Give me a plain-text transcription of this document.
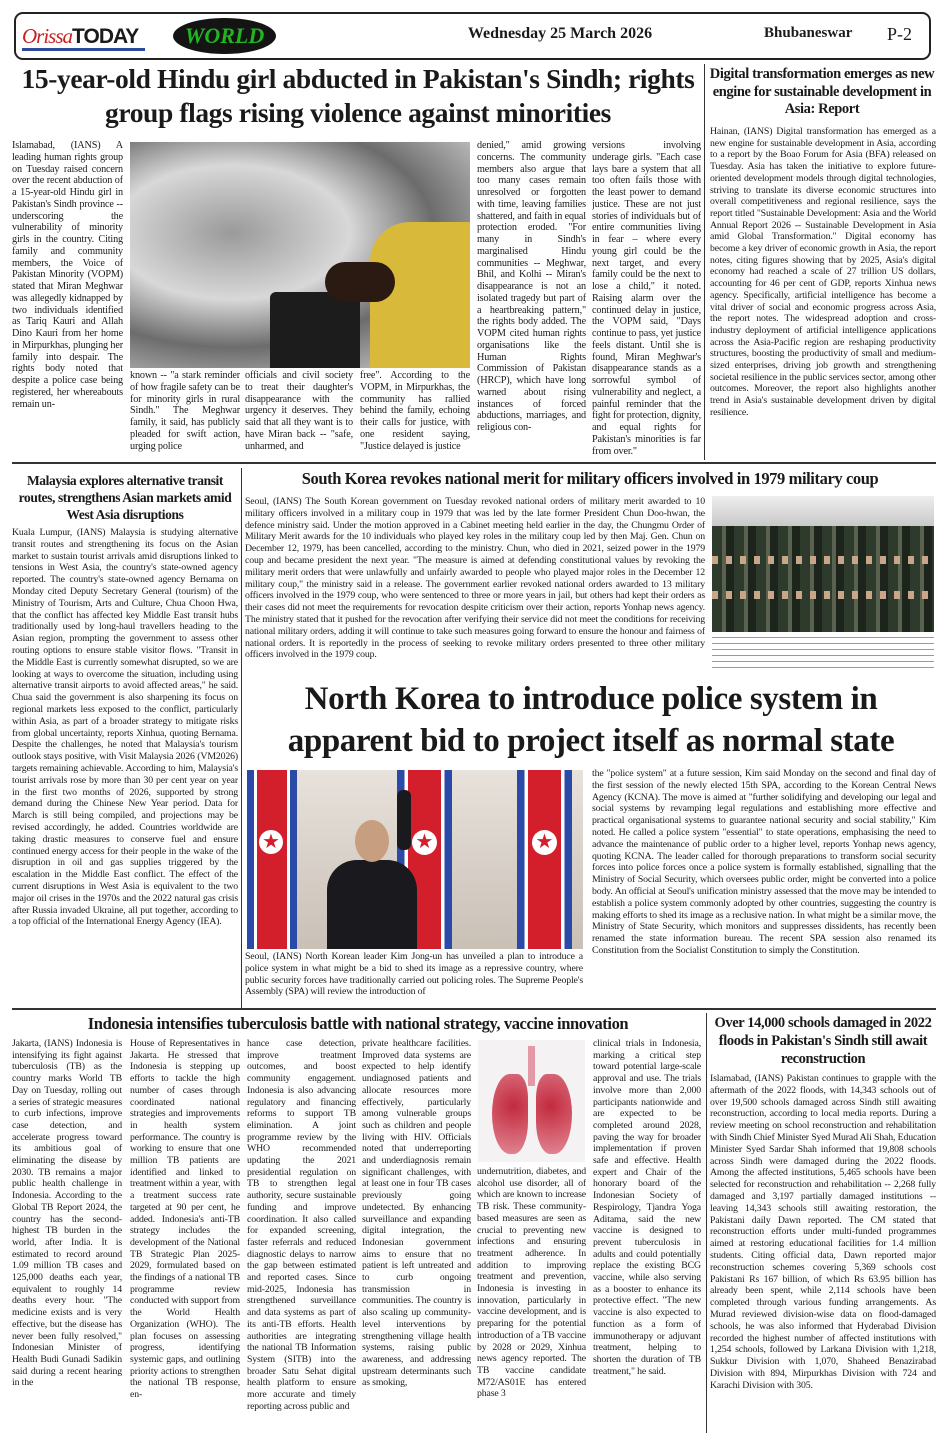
OrissaTODAY	WORLD	Wednesday 25 March 2026	Bhubaneswar P-2
15-year-old Hindu girl abducted in Pakistan's Sindh; rights group flags rising violence against minorities
Islamabad, (IANS) A leading human rights group on Tuesday raised concern over the recent abduction of a 15-year-old Hindu girl in Pakistan's Sindh province -- underscoring the vulnerability of minority girls in the country. Citing family and community members, the Voice of Pakistan Minority (VOPM) stated that Miran Meghwar was allegedly kidnapped by two individuals identified as Tariq Kauri and Allah Dino Kauri from her home in Mirpurkhas, plunging her family into despair. The rights body noted that despite a police case being registered, her whereabouts remain un-
known -- "a stark reminder of how fragile safety can be for minority girls in rural Sindh." The Meghwar family, it said, has publicly pleaded for swift action, urging police
officials and civil society to treat their daughter's disappearance with the urgency it deserves. They said that all they want is to have Miran back -- "safe, unharmed, and
free". According to the VOPM, in Mirpurkhas, the community has rallied behind the family, echoing their calls for justice, with one resident saying, "Justice delayed is justice
denied," amid growing concerns. The community members also argue that too many cases remain unresolved or forgotten with time, leaving families shattered, and faith in equal protection eroded. "For many in Sindh's marginalised Hindu communities -- Meghwar, Bhil, and Kolhi -- Miran's disappearance is not an isolated tragedy but part of a heartbreaking pattern," the rights body added. The VOPM cited human rights organisations like the Human Rights Commission of Pakistan (HRCP), which have long warned about rising instances of forced abductions, marriages, and religious con-
versions involving underage girls. "Each case lays bare a system that all too often fails those with the least power to demand justice. These are not just stories of individuals but of entire communities living in fear – where every young girl could be the next target, and every family could be the next to lose a child," it noted. Raising alarm over the continued delay in justice, the VOPM said, "Days continue to pass, yet justice feels distant. Until she is found, Miran Meghwar's disappearance stands as a sorrowful symbol of vulnerability and neglect, a painful reminder that the fight for protection, dignity, and equal rights for Pakistan's minorities is far from over."
Digital transformation emerges as new engine for sustainable development in Asia: Report
Hainan, (IANS) Digital transformation has emerged as a new engine for sustainable development in Asia, according to a report by the Boao Forum for Asia (BFA) released on Tuesday. Asia has taken the initiative to explore future-oriented development models through digital technologies, striving to translate its diverse economic structures into overall competitiveness and regional resilience, says the report titled "Sustainable Development: Asia and the World Annual Report 2026 -- Sustainable Development in Asia amid Global Transformation." Digital economy has become a key driver of economic growth in Asia, the report notes, citing figures showing that by 2025, Asia's digital economy had reached a scale of 27 trillion US dollars, accounting for 46 per cent of GDP, reports Xinhua news agency. Specifically, artificial intelligence has become a vital driver of social and economic progress across Asia, the report notes. The widespread adoption and cross-industry deployment of artificial intelligence applications across the Asia-Pacific region are reshaping productivity structures, boosting the productivity of small and medium-sized enterprises, driving job growth and strengthening societal resilience in the public services sector, among other outcomes. Moreover, the report also highlights another trend in Asia's sustainable development driven by digital resilience.
Malaysia explores alternative transit routes, strengthens Asian markets amid West Asia disruptions
Kuala Lumpur, (IANS) Malaysia is studying alternative transit routes and strengthening its focus on the Asian market to sustain tourist arrivals amid disruptions linked to tensions in West Asia, the country's state-owned agency reported. The country's state-owned agency Bernama on Monday cited Deputy Secretary General (tourism) of the Ministry of Tourism, Arts and Culture, Chua Choon Hwa, that the conflict has affected key Middle East transit hubs traditionally used by long-haul travellers heading to the Asian region, prompting the government to assess other routing options to ensure stable visitor flows. "Transit in the Middle East is currently somewhat disrupted, so we are looking at ways to overcome the situation, including using alternative transit airports to avoid affected areas," he said. Chua said the government is also sharpening its focus on regional markets less exposed to the conflict, particularly within Asia, as part of a broader strategy to mitigate risks from global uncertainty, reports Xinhua, quoting Bernama. Despite the challenges, he noted that Malaysia's tourism outlook stays positive, with Visit Malaysia 2026 (VM2026) targets remaining achievable. According to him, Malaysia's tourist arrivals rose by more than 30 per cent year on year in the first two months of 2026, supported by strong demand during the Chinese New Year period. Data for March is still being compiled, and projections may be revised accordingly, he added. Countries worldwide are taking drastic measures to conserve fuel and ensure continued energy access for their people in the wake of the disruption in oil and gas supplies triggered by the escalation in the Middle East conflict. The effect of the current disruptions in West Asia is equivalent to the two major oil crises in the 1970s and the 2022 natural gas crisis after Russia invaded Ukraine, all put together, according to a top official of the International Energy Agency (IEA).
South Korea revokes national merit for military officers involved in 1979 military coup
Seoul, (IANS) The South Korean government on Tuesday revoked national orders of military merit awarded to 10 military officers involved in a military coup in 1979 that was led by the late former President Chun Doo-hwan, the defence ministry said. Under the motion approved in a Cabinet meeting held earlier in the day, the Chungmu Order of Military Merit awards for the 10 individuals who played key roles in the military coup led by then Maj. Gen. Chun on December 12, 1979, has been cancelled, according to the ministry. Chun, who died in 2021, seized power in the 1979 coup and became president the next year. "The measure is aimed at defending constitutional values by revoking the military merit orders that were unlawfully and unfairly awarded to people who played major roles in the December 12 military coup," the ministry said in a release. The government earlier revoked national orders awarded to 13 military officers involved in the 1979 coup, who were sentenced to three or more years in jail, but others had kept their orders as their cases did not meet the requirements for revocation despite criticism over their action, reports Yonhap news agency. The ministry stated that it pushed for the revocation after verifying their service did not meet the conditions for receiving national military orders, adding it will continue to take such measures going forward to ensure the honour and fairness of national orders. It is reportedly in the process of seeking to revoke military orders presented to three other military officers involved in the 1979 coup.
North Korea to introduce police system in apparent bid to project itself as normal state
★	★	★
Seoul, (IANS) North Korean leader Kim Jong-un has unveiled a plan to introduce a police system in what might be a bid to shed its image as a repressive country, where public security forces have traditionally carried out policing roles. The Supreme People's Assembly (SPA) will review the introduction of
the "police system" at a future session, Kim said Monday on the second and final day of the first session of the newly elected 15th SPA, according to the Korean Central News Agency (KCNA). The move is aimed at "further solidifying and developing our legal and social systems by revamping legal regulations and establishing more effective and practical organisational systems to guarantee national security and social stability," Kim noted. He called a police system "essential" to state operations, emphasising the need to advance the maintenance of public order to a higher level, reports Yonhap news agency, quoting KCNA. The leader called for thorough preparations to transform social security forces into police forces once a police system is formally established, signalling that the Ministry of Social Security, which oversees public order, might be converted into a police body. An official at Seoul's unification ministry assessed that the move may be intended to establish a police system commonly adopted by other countries, suggesting the country is making efforts to shed its image as a reclusive nation. In what might be a similar move, the Ministry of State Security, which monitors and suppresses dissidents, has recently been renamed the state information bureau. The recent SPA session also renamed its Constitution from the Socialist Constitution to simply the Constitution.
Indonesia intensifies tuberculosis battle with national strategy, vaccine innovation
Jakarta, (IANS) Indonesia is intensifying its fight against tuberculosis (TB) as the country marks World TB Day on Tuesday, rolling out a series of strategic measures to curb infections, improve case detection, and accelerate progress toward its ambitious goal of eliminating the disease by 2030. TB remains a major public health challenge in Indonesia. According to the Global TB Report 2024, the country has the second-highest TB burden in the world, after India. It is estimated to record around 1.09 million TB cases and 125,000 deaths each year, equivalent to roughly 14 deaths every hour. "The medicine exists and is very effective, but the disease has never been fully resolved," Indonesian Minister of Health Budi Gunadi Sadikin said during a recent hearing in the
House of Representatives in Jakarta. He stressed that Indonesia is stepping up efforts to tackle the high number of cases through coordinated national strategies and improvements in health system performance. The country is working to ensure that one million TB patients are identified and linked to treatment within a year, with a treatment success rate targeted at 90 per cent, he added. Indonesia's anti-TB strategy includes the development of the National TB Strategic Plan 2025-2029, formulated based on the findings of a national TB programme review conducted with support from the World Health Organization (WHO). The plan focuses on assessing progress, identifying systemic gaps, and outlining priority actions to strengthen the national TB response, en-
hance case detection, improve treatment outcomes, and boost community engagement. Indonesia is also advancing regulatory and financing reforms to support TB elimination. A joint programme review by the WHO recommended updating the 2021 presidential regulation on TB to strengthen legal authority, secure sustainable funding and improve coordination. It also called for expanded screening, faster referrals and reduced diagnostic delays to narrow the gap between estimated and reported cases. Since mid-2025, Indonesia has strengthened surveillance and data systems as part of its anti-TB efforts. Health authorities are integrating the national TB Information System (SITB) into the broader Satu Sehat digital health platform to ensure more accurate and timely reporting across public and
private healthcare facilities. Improved data systems are expected to help identify undiagnosed patients and allocate resources more effectively, particularly among vulnerable groups such as children and people living with HIV. Officials noted that underreporting and underdiagnosis remain significant challenges, with at least one in four TB cases previously going undetected. By enhancing surveillance and expanding digital integration, the Indonesian government aims to ensure that no patient is left untreated and to curb ongoing transmission in communities. The country is also scaling up community-level interventions by strengthening village health systems, raising public awareness, and addressing upstream determinants such as smoking,
undernutrition, diabetes, and alcohol use disorder, all of which are known to increase TB risk. These community-based measures are seen as crucial to preventing new infections and ensuring treatment adherence. In addition to improving treatment and prevention, Indonesia is investing in innovation, particularly in vaccine development, and is preparing for the potential introduction of a TB vaccine by 2028 or 2029, Xinhua news agency reported. The TB vaccine candidate M72/AS01E has entered phase 3
clinical trials in Indonesia, marking a critical step toward potential large-scale approval and use. The trials involve more than 2,000 participants nationwide and are expected to be completed around 2028, paving the way for broader implementation if proven safe and effective. Health expert and Chair of the honorary board of the Indonesian Society of Respirology, Tjandra Yoga Aditama, said the new vaccine is designed to prevent tuberculosis in adults and could potentially replace the existing BCG vaccine, while also serving as a booster to enhance its protective effect. "The new vaccine is also expected to function as a form of immunotherapy or adjuvant treatment, helping to shorten the duration of TB treatment," he said.
Over 14,000 schools damaged in 2022 floods in Pakistan's Sindh still await reconstruction
Islamabad, (IANS) Pakistan continues to grapple with the aftermath of the 2022 floods, with 14,343 schools out of over 19,500 schools damaged across Sindh still awaiting reconstruction, according to local media reports. During a review meeting on school reconstruction and rehabilitation with Sindh Chief Minister Syed Murad Ali Shah, Education Minister Syed Sardar Shah informed that 19,808 schools across Sindh were damaged during the 2022 floods. Among the affected institutions, 5,465 schools have been selected for reconstruction and rehabilitation -- 2,268 fully damaged and 3,197 partially damaged institutions -- leaving 14,343 schools still awaiting restoration, the Pakistani daily Dawn reported. The CM stated that reconstruction efforts under multi-funded programmes aimed at restoring educational facilities for 1.4 million students. Citing official data, Dawn reported major reconstruction schemes covering 5,369 schools cost Pakistani Rs 167 billion, of which Rs 63.95 billion has already been spent, while 2,114 schools have been completed through various funding arrangements. As Murad reviewed division-wise data on flood-damaged schools, he was also informed that Hyderabad Division recorded the highest number of affected institutions with 1,254 schools, followed by Larkana Division with 1,218, Sukkur Division with 1,070, Shaheed Benazirabad Division with 894, Mirpurkhas Division with 724 and Karachi Division with 305.
